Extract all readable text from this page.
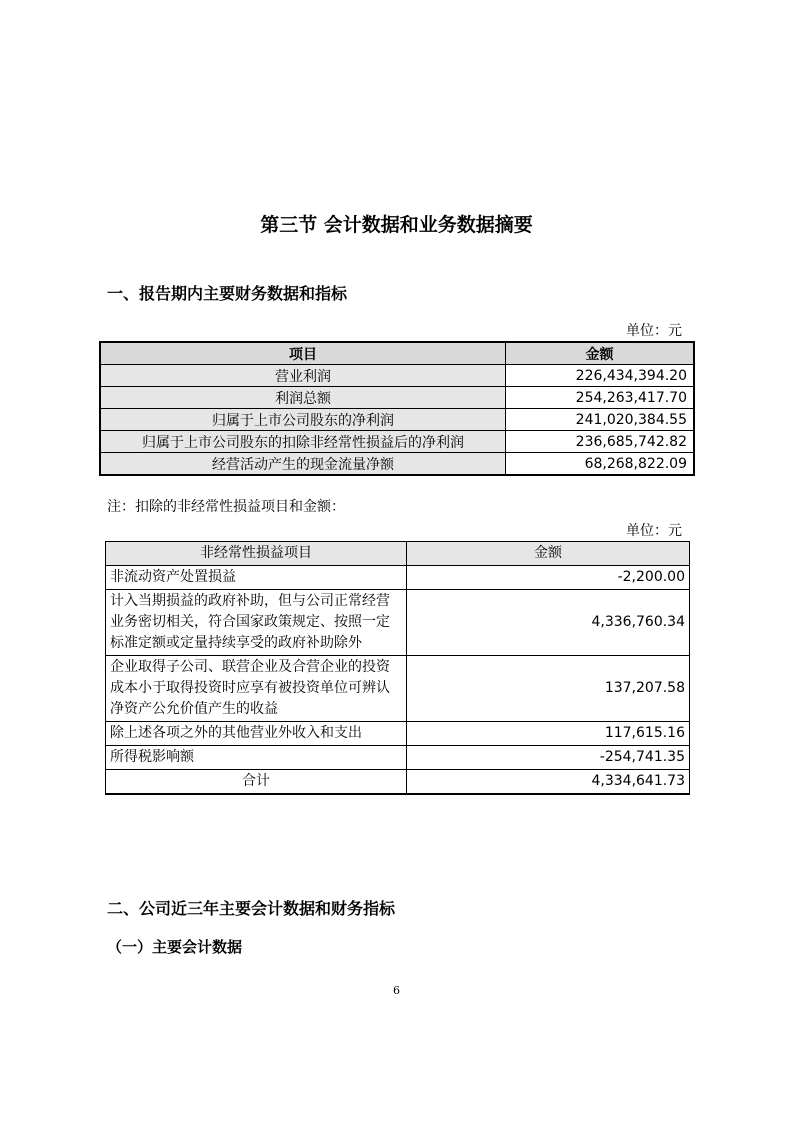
第三节 会计数据和业务数据摘要
一、报告期内主要财务数据和指标
单位：元
项目	金额
营业利润	226,434,394.20
利润总额	254,263,417.70
归属于上市公司股东的净利润	241,020,384.55
归属于上市公司股东的扣除非经常性损益后的净利润	236,685,742.82
经营活动产生的现金流量净额	68,268,822.09
注：扣除的非经常性损益项目和金额：
单位：元
非经常性损益项目	金额
非流动资产处置损益	-2,200.00
计入当期损益的政府补助，但与公司正常经营业务密切相关，符合国家政策规定、按照一定标准定额或定量持续享受的政府补助除外	4,336,760.34
企业取得子公司、联营企业及合营企业的投资成本小于取得投资时应享有被投资单位可辨认净资产公允价值产生的收益	137,207.58
除上述各项之外的其他营业外收入和支出	117,615.16
所得税影响额	-254,741.35
合计	4,334,641.73
二、公司近三年主要会计数据和财务指标
（一）主要会计数据
6
